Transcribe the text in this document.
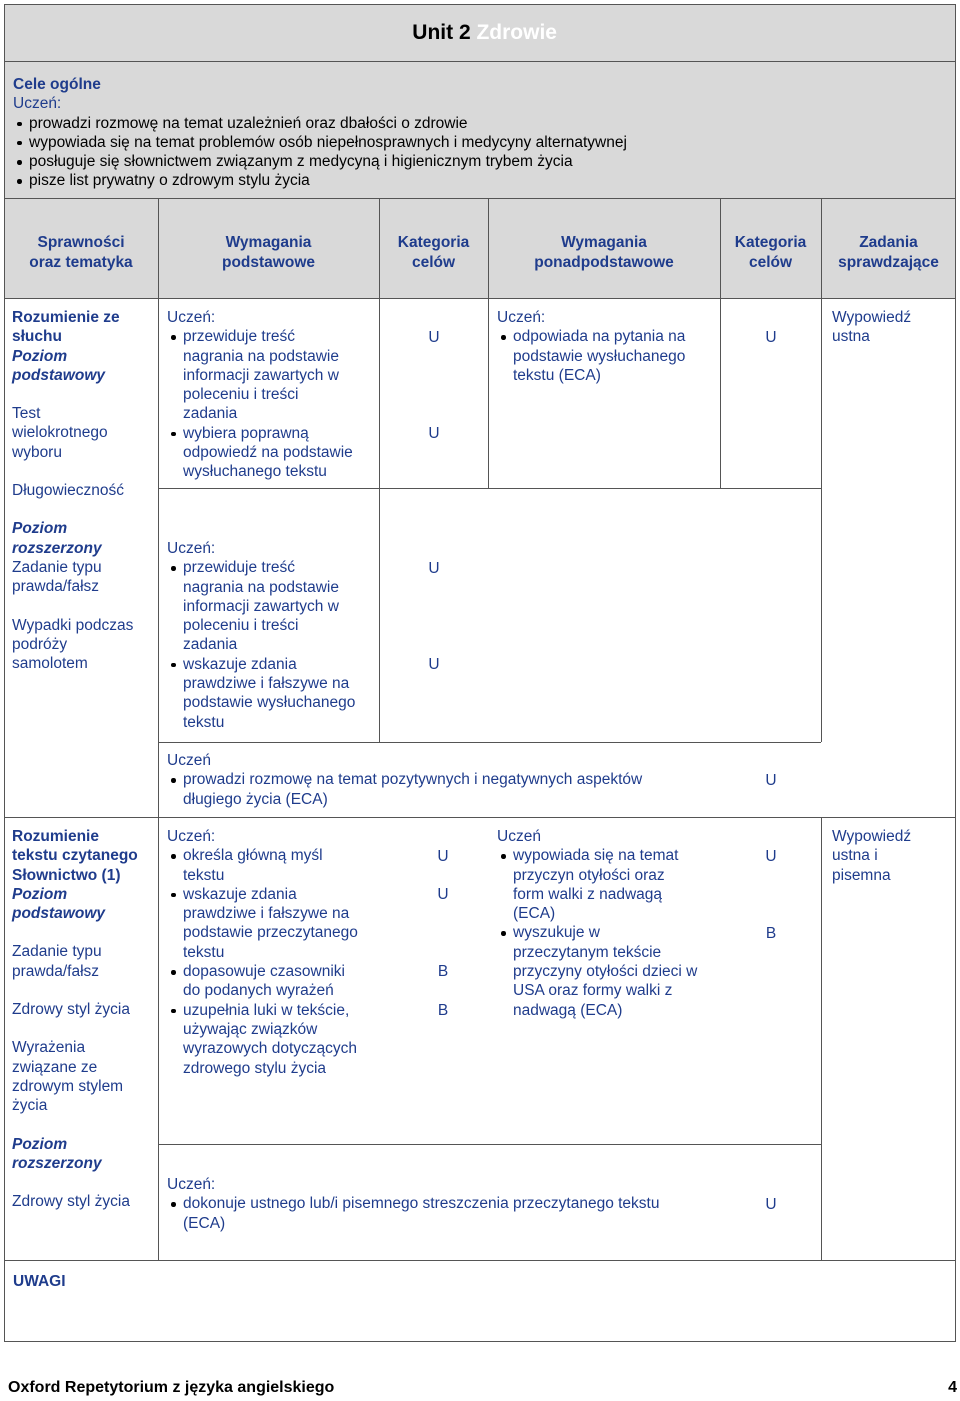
Unit 2 Zdrowie
Cele ogólne
Uczeń:
prowadzi rozmowę na temat uzależnień oraz dbałości o zdrowie
wypowiada się na temat problemów osób niepełnosprawnych i medycyny alternatywnej
posługuje się słownictwem związanym z medycyną i higienicznym trybem życia
pisze list prywatny o zdrowym stylu życia
Sprawności
oraz tematyka
Wymagania
podstawowe
Kategoria
celów
Wymagania
ponadpodstawowe
Kategoria
celów
Zadania
sprawdzające
Rozumienie ze
słuchu
Poziom
podstawowy
Test
wielokrotnego
wyboru
Długowieczność
Poziom
rozszerzony
Zadanie typu
prawda/fałsz
Wypadki podczas
podróży
samolotem
Uczeń:
przewiduje treść
nagrania na podstawie
informacji zawartych w
poleceniu i treści
zadania
wybiera poprawną
odpowiedź na podstawie
wysłuchanego tekstu
U
U
Uczeń:
odpowiada na pytania na
podstawie wysłuchanego
tekstu (ECA)
U
Wypowiedź
ustna
Uczeń:
przewiduje treść
nagrania na podstawie
informacji zawartych w
poleceniu i treści
zadania
wskazuje zdania
prawdziwe i fałszywe na
podstawie wysłuchanego
tekstu
U
U
Uczeń
prowadzi rozmowę na temat pozytywnych i negatywnych aspektów
długiego życia (ECA)
U
Rozumienie
tekstu czytanego
Słownictwo (1)
Poziom
podstawowy
Zadanie typu
prawda/fałsz
Zdrowy styl życia
Wyrażenia
związane ze
zdrowym stylem
życia
Poziom
rozszerzony
Zdrowy styl życia
Uczeń:
określa główną myśl
tekstu
wskazuje zdania
prawdziwe i fałszywe na
podstawie przeczytanego
tekstu
dopasowuje czasowniki
do podanych wyrażeń
uzupełnia luki w tekście,
używając związków
wyrazowych dotyczących
zdrowego stylu życia
U
U
B
B
Uczeń
wypowiada się na temat
przyczyn otyłości oraz
form walki z nadwagą
(ECA)
wyszukuje w
przeczytanym tekście
przyczyny otyłości dzieci w
USA oraz formy walki z
nadwagą (ECA)
U
B
Wypowiedź
ustna i
pisemna
Uczeń:
dokonuje ustnego lub/i pisemnego streszczenia przeczytanego tekstu
(ECA)
U
UWAGI
Oxford Repetytorium z języka angielskiego	4
